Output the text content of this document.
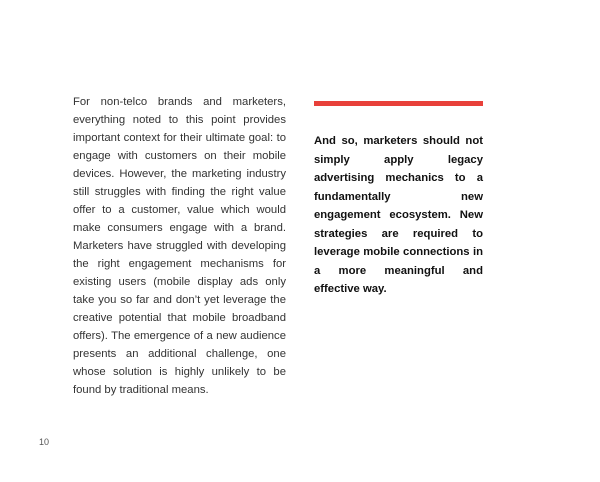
For non-telco brands and marketers, everything noted to this point provides important context for their ultimate goal: to engage with customers on their mobile devices. However, the marketing industry still struggles with finding the right value offer to a customer, value which would make consumers engage with a brand. Marketers have struggled with developing the right engagement mechanisms for existing users (mobile display ads only take you so far and don’t yet leverage the creative potential that mobile broadband offers). The emergence of a new audience presents an additional challenge, one whose solution is highly unlikely to be found by traditional means.

And so, marketers should not simply apply legacy advertising mechanics to a fundamentally new engagement ecosystem. New strategies are required to leverage mobile connections in a more meaningful and effective way.

10
